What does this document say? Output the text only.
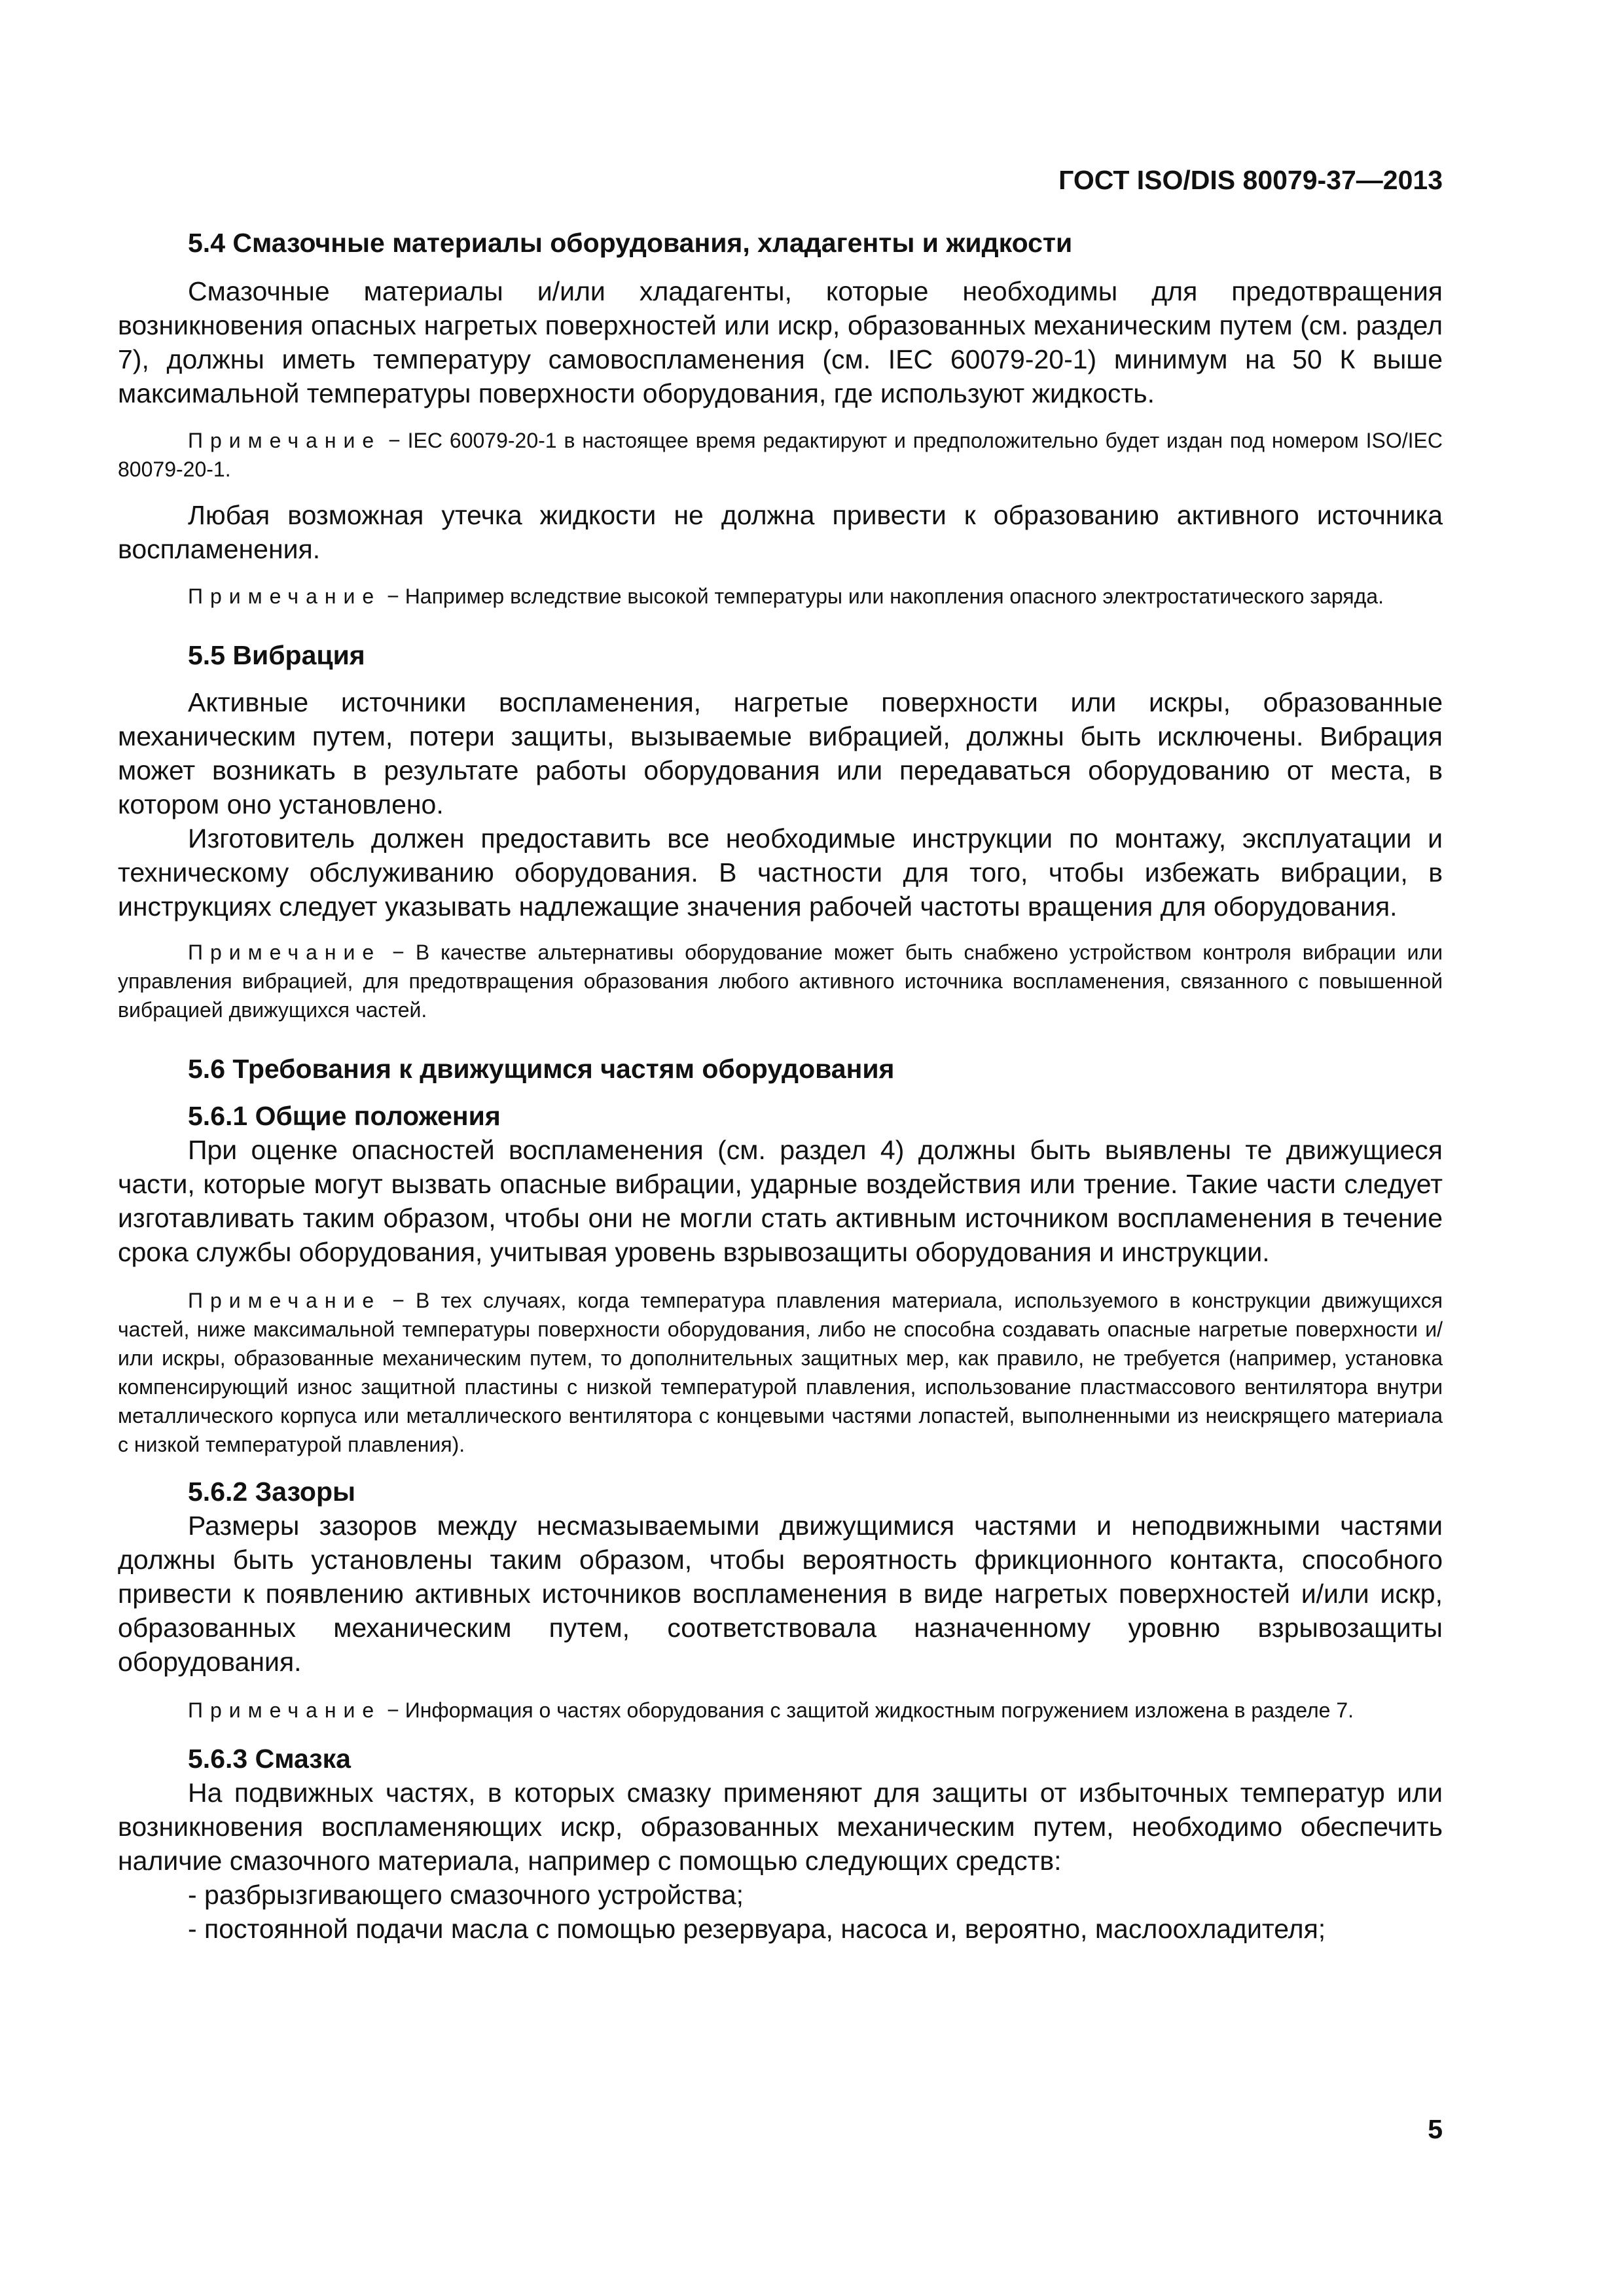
ГОСТ ISO/DIS 80079-37—2013

5.4 Смазочные материалы оборудования, хладагенты и жидкости

Смазочные материалы и/или хладагенты, которые необходимы для предотвращения возникновения опасных нагретых поверхностей или искр, образованных механическим путем (см. раздел 7), должны иметь температуру самовоспламенения (см. IEC 60079-20-1) минимум на 50 К выше максимальной температуры поверхности оборудования, где используют жидкость.

Примечание − IEC 60079-20-1 в настоящее время редактируют и предположительно будет издан под номером ISO/IEC 80079-20-1.

Любая возможная утечка жидкости не должна привести к образованию активного источника воспламенения.

Примечание − Например вследствие высокой температуры или накопления опасного электростатического заряда.

5.5 Вибрация

Активные источники воспламенения, нагретые поверхности или искры, образованные механическим путем, потери защиты, вызываемые вибрацией, должны быть исключены. Вибрация может возникать в результате работы оборудования или передаваться оборудованию от места, в котором оно установлено.

Изготовитель должен предоставить все необходимые инструкции по монтажу, эксплуатации и техническому обслуживанию оборудования. В частности для того, чтобы избежать вибрации, в инструкциях следует указывать надлежащие значения рабочей частоты вращения для оборудования.

Примечание − В качестве альтернативы оборудование может быть снабжено устройством контроля вибрации или управления вибрацией, для предотвращения образования любого активного источника воспламенения, связанного с повышенной вибрацией движущихся частей.

5.6 Требования к движущимся частям оборудования

5.6.1 Общие положения

При оценке опасностей воспламенения (см. раздел 4) должны быть выявлены те движущиеся части, которые могут вызвать опасные вибрации, ударные воздействия или трение. Такие части следует изготавливать таким образом, чтобы они не могли стать активным источником воспламенения в течение срока службы оборудования, учитывая уровень взрывозащиты оборудования и инструкции.

Примечание − В тех случаях, когда температура плавления материала, используемого в конструкции движущихся частей, ниже максимальной температуры поверхности оборудования, либо не способна создавать опасные нагретые поверхности и/или искры, образованные механическим путем, то дополнительных защитных мер, как правило, не требуется (например, установка компенсирующий износ защитной пластины с низкой температурой плавления, использование пластмассового вентилятора внутри металлического корпуса или металлического вентилятора с концевыми частями лопастей, выполненными из неискрящего материала с низкой температурой плавления).

5.6.2 Зазоры

Размеры зазоров между несмазываемыми движущимися частями и неподвижными частями должны быть установлены таким образом, чтобы вероятность фрикционного контакта, способного привести к появлению активных источников воспламенения в виде нагретых поверхностей и/или искр, образованных механическим путем, соответствовала назначенному уровню взрывозащиты оборудования.

Примечание − Информация о частях оборудования с защитой жидкостным погружением изложена в разделе 7.

5.6.3 Смазка

На подвижных частях, в которых смазку применяют для защиты от избыточных температур или возникновения воспламеняющих искр, образованных механическим путем, необходимо обеспечить наличие смазочного материала, например с помощью следующих средств:

- разбрызгивающего смазочного устройства;

- постоянной подачи масла с помощью резервуара, насоса и, вероятно, маслоохладителя;

5
